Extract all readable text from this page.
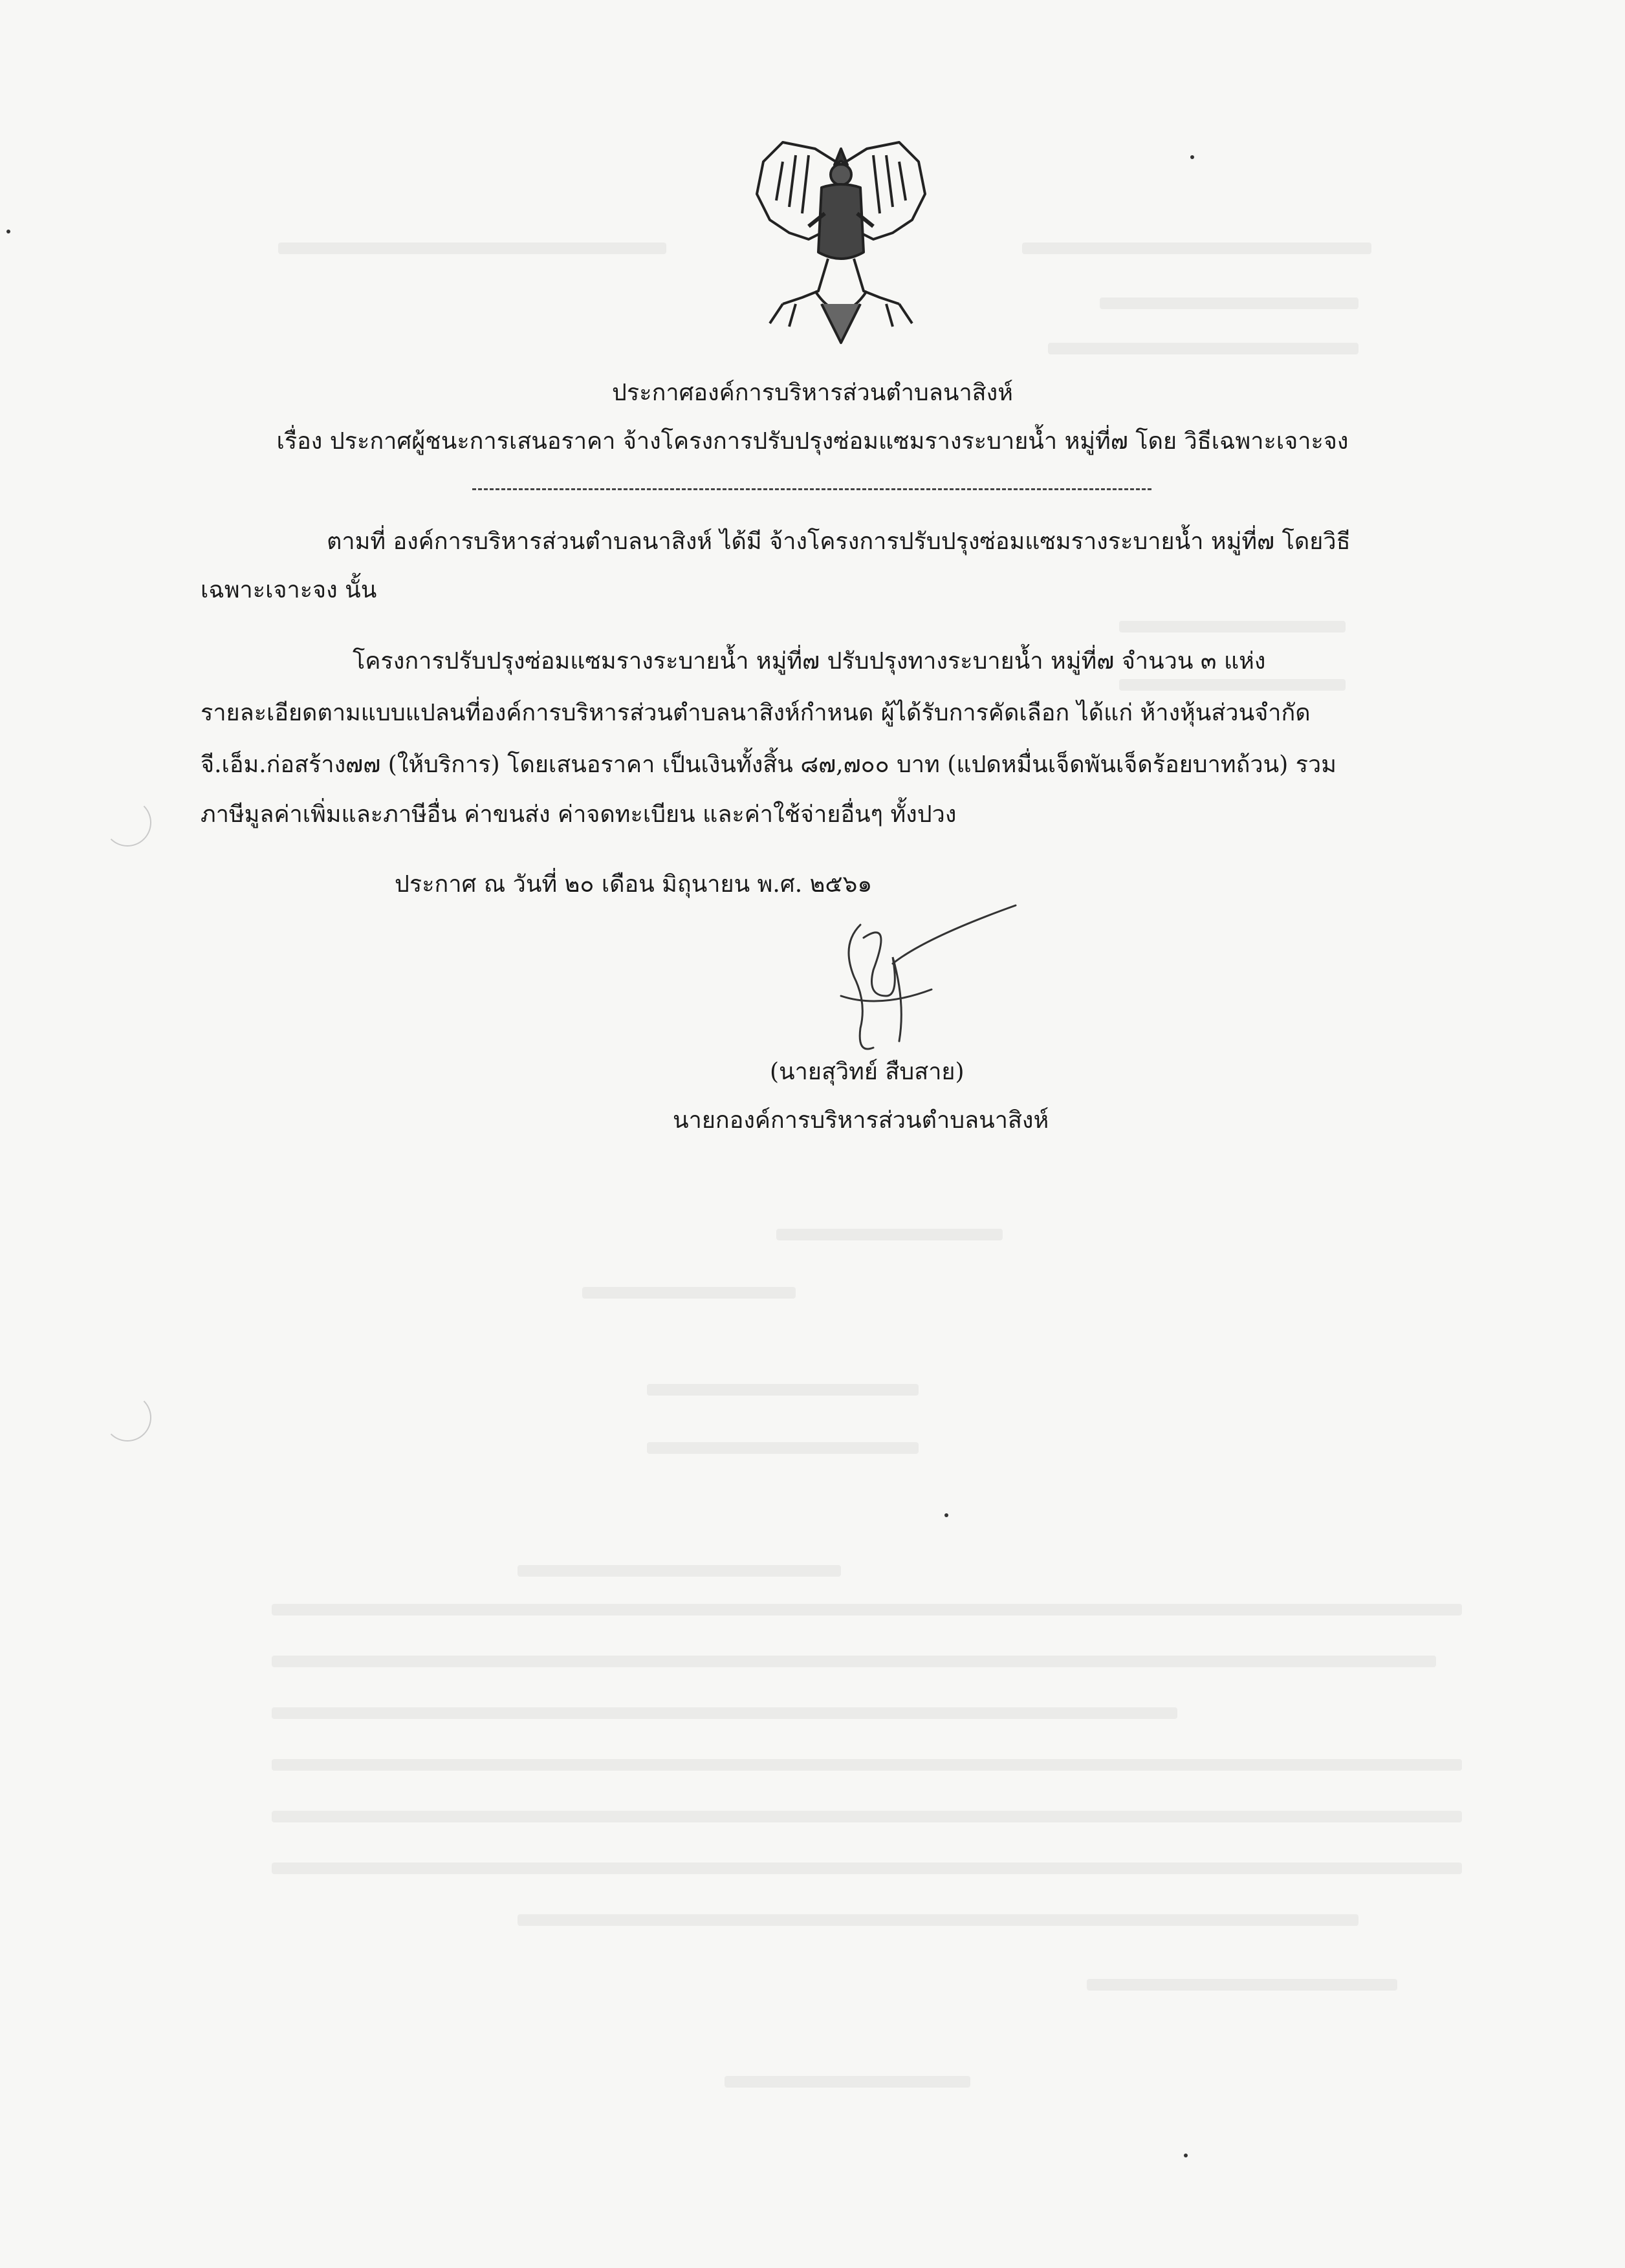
ประกาศองค์การบริหารส่วนตำบลนาสิงห์
เรื่อง ประกาศผู้ชนะการเสนอราคา จ้างโครงการปรับปรุงซ่อมแซมรางระบายน้ำ หมู่ที่๗ โดย วิธีเฉพาะเจาะจง
ตามที่ องค์การบริหารส่วนตำบลนาสิงห์ ได้มี จ้างโครงการปรับปรุงซ่อมแซมรางระบายน้ำ หมู่ที่๗ โดยวิธี
เฉพาะเจาะจง นั้น
โครงการปรับปรุงซ่อมแซมรางระบายน้ำ หมู่ที่๗ ปรับปรุงทางระบายน้ำ หมู่ที่๗ จำนวน ๓ แห่ง
รายละเอียดตามแบบแปลนที่องค์การบริหารส่วนตำบลนาสิงห์กำหนด ผู้ได้รับการคัดเลือก ได้แก่ ห้างหุ้นส่วนจำกัด
จี.เอ็ม.ก่อสร้าง๗๗ (ให้บริการ) โดยเสนอราคา เป็นเงินทั้งสิ้น ๘๗,๗๐๐ บาท (แปดหมื่นเจ็ดพันเจ็ดร้อยบาทถ้วน) รวม
ภาษีมูลค่าเพิ่มและภาษีอื่น ค่าขนส่ง ค่าจดทะเบียน และค่าใช้จ่ายอื่นๆ ทั้งปวง
ประกาศ ณ วันที่ ๒๐ เดือน มิถุนายน พ.ศ. ๒๕๖๑
(นายสุวิทย์ สืบสาย)
นายกองค์การบริหารส่วนตำบลนาสิงห์
